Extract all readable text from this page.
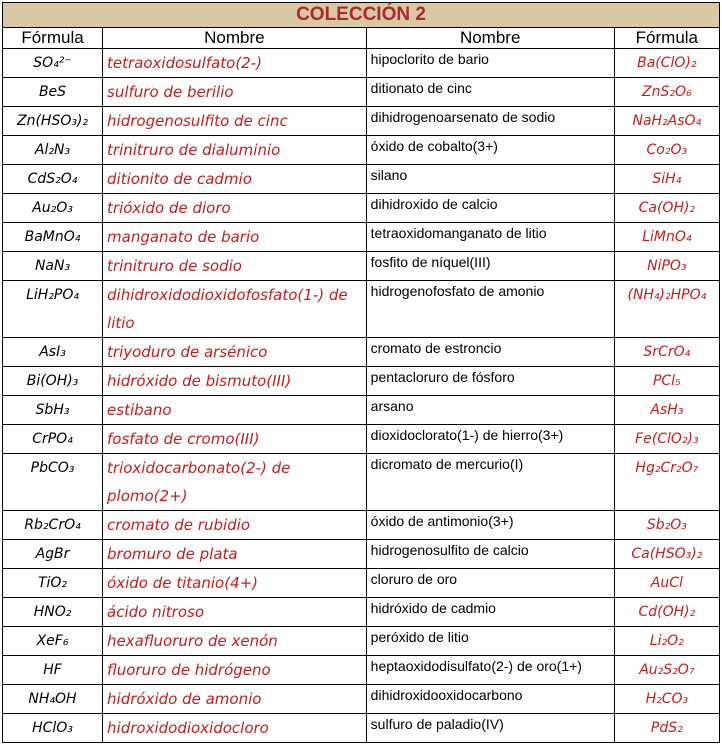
COLECCIÓN 2			
Fórmula	Nombre	Nombre	Fórmula
SO₄²⁻	tetraoxidosulfato(2-)	hipoclorito de bario	Ba(ClO)₂
BeS	sulfuro de berilio	ditionato de cinc	ZnS₂O₆
Zn(HSO₃)₂	hidrogenosulfito de cinc	dihidrogenoarsenato de sodio	NaH₂AsO₄
Al₂N₃	trinitruro de dialuminio	óxido de cobalto(3+)	Co₂O₃
CdS₂O₄	ditionito de cadmio	silano	SiH₄
Au₂O₃	trióxido de dioro	dihidroxido de calcio	Ca(OH)₂
BaMnO₄	manganato de bario	tetraoxidomanganato de litio	LiMnO₄
NaN₃	trinitruro de sodio	fosfito de níquel(III)	NiPO₃
LiH₂PO₄	dihidroxidodioxidofosfato(1-) de litio	hidrogenofosfato de amonio	(NH₄)₂HPO₄
AsI₃	triyoduro de arsénico	cromato de estroncio	SrCrO₄
Bi(OH)₃	hidróxido de bismuto(III)	pentacloruro de fósforo	PCl₅
SbH₃	estibano	arsano	AsH₃
CrPO₄	fosfato de cromo(III)	dioxidoclorato(1-) de hierro(3+)	Fe(ClO₂)₃
PbCO₃	trioxidocarbonato(2-) de plomo(2+)	dicromato de mercurio(I)	Hg₂Cr₂O₇
Rb₂CrO₄	cromato de rubidio	óxido de antimonio(3+)	Sb₂O₃
AgBr	bromuro de plata	hidrogenosulfito de calcio	Ca(HSO₃)₂
TiO₂	óxido de titanio(4+)	cloruro de oro	AuCl
HNO₂	ácido nitroso	hidróxido de cadmio	Cd(OH)₂
XeF₆	hexafluoruro de xenón	peróxido de litio	Li₂O₂
HF	fluoruro de hidrógeno	heptaoxidodisulfato(2-) de oro(1+)	Au₂S₂O₇
NH₄OH	hidróxido de amonio	dihidroxidooxidocarbono	H₂CO₃
HClO₃	hidroxidodioxidocloro	sulfuro de paladio(IV)	PdS₂
